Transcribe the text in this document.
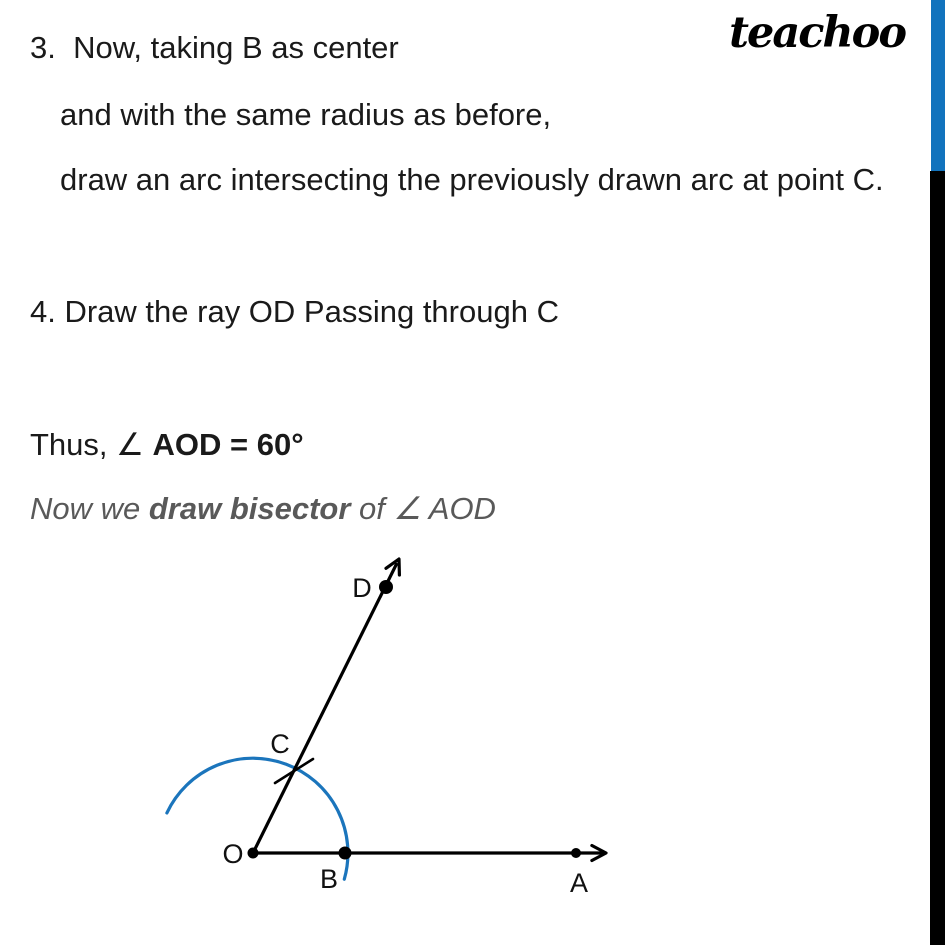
teachoo
3.  Now, taking B as center
and with the same radius as before,
draw an arc intersecting the previously drawn arc at point C.
4. Draw the ray OD Passing through C
Thus, ∠ AOD = 60°
Now we draw bisector of ∠ AOD
O
B	A
C
D
